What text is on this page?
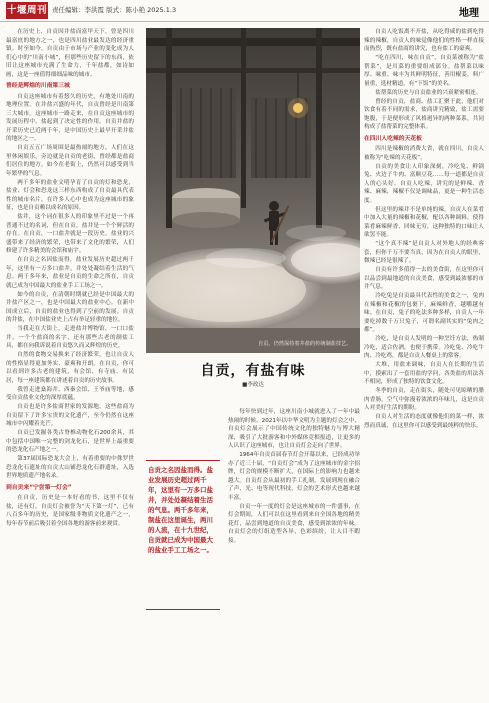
十堰周刊 责任编辑：李洪霞 版式：陈小艳 2025.1.3	地理

在历史上，自贡因井盐而富甲天下，曾是四川最富庶的地方之一，也是四川盐业最发达的经济重镇。时至如今，自贡由于市场与产业的变化成为人们心中的“川南小城”，但那些历史留下的东西，依旧让这座城市充满了生命力，千年盐都，如诗如画，这是一座值得细细品味的城市。

曾经是辉煌的川南第三城

自贡这座城市有着悠久的历史，有地处川南的地理位置。在井盐兴盛的年代，自贡曾经是川南第三大城市。这座城市一路走来，在自贡这座城市的发展历程中，盐起到了决定性的作用。自贡井盐的开采历史已近两千年，是中国历史上最早开采井盐的地区之一。

自贡五五广场周围是最热闹的地方，人们在这里休闲娱乐，旁边就是自贡的老街，曾经都是盐商们居住的地方，如今在老街上，仍然可以感受到当年繁华的气息。

两千多年的盐业文明孕育了自贡的灯和恐龙，盐业、灯会和恐龙这三样东西构成了自贡最具代表性的城市名片，在许多人心中也成为这座城市的象征，也是自贡赖以成名的原因。

盐井，这个词在很多人的印象里不过是一个再普通不过的名词，但在自贡，盐井是一个个鲜活的存在。在自贡，一口盐井就是一段历史。盐业的兴盛带来了经济的繁荣，也带来了文化的繁荣，人们修建了许多精美的会馆和庙宇。

在自贡之名因盐而得，盐业发展历史超过两千年，这里有一万多口盐井，并处处凝结着生活的气息。两千多年来，盐业是自贡的生命之所在，自贡就已成为中国最大的盐业手工工场之一。

如今的自贡，在清朝时期就已经是中国最大的井盐产区之一，也是中国最大的盐业中心。在新中国成立后，自贡的盐业也得到了空前的发展。自贡的井盐，在中国盐业史上占有举足轻重的地位。

当我走在大街上，走进盐井博物馆，一口口盐井，一个个盐商的名字，还有那些古老的制盐工具，都在向我诉说着自贡悠久而又辉煌的历史。

自然的食物交易换来了经济繁荣，也让自贡人的性格显得更加务实、豪爽和开朗。在自贡，你可以看到许多古老的建筑，有会馆、有寺庙、有民居，每一座建筑都在讲述着自贡的历史故事。

我曾走进燊海井、西秦会馆、王爷庙等地，感受自贡盐业文化的深厚底蕴。

自贡也是许多盐商世家的发源地，这些盐商为自贡留下了许多宝贵的文化遗产，至今仍然在这座城市中闪耀着光芒。

自贡已发掘各类古脊椎动物化石200余具，其中包括中国唯一完整的剑龙化石，是世界上最重要的恐龙化石产地之一。

第37届国际恐龙大会上，有着重要的中侏罗世恐龙化石遗址的自贡大山铺恐龙化石群遗址，入选世界地质遗产地名录。

到自贡来“宁尝第一灯会”

在自贡，历史是一本好看的书，这里不仅有盐，还有灯。自贡灯会被誉为“天下第一灯”，已有八百多年的历史，是国家级非物质文化遗产之一，每年春节前后吸引着全国各地的游客前来观赏。

自贡，仍然保持着井盐的传统制盐技艺。
自贡，有盐有味
■李政达
自贡之名因盐而得。盐业发展历史超过两千年，这里有一万多口盐井，并处处凝结着生活的气息。两千多年来，制盐在这里诞生，两川的人流，在十九世纪，自贡就已成为中国最大的盐业手工工场之一。

每年快到过年，这座川南小城就进入了一年中最热闹的时候。2021年以中华文明为主题的灯会之中，自贡灯会展示了中国传统文化的独特魅力与博大精深，吸引了大批游客和中外媒体竞相报道，让更多的人认识了这座城市，也让自贡灯会走向了世界。

1964年自贡首届春节灯会开幕以来，已经成功举办了近三十届，“自贡灯会”成为了这座城市的金字招牌，灯会的规模不断扩大，在国际上的影响力也越来越大。自贡灯会从最初的手工扎制，发展到现在融合了声、光、电等现代科技，灯会的艺术形式也越来越丰富。

自贡一年一度的灯会是这座城市的一件盛事，在灯会期间，人们可以在这里看到来自全国各地的精美花灯，品尝到地道的自贡美食，感受到浓浓的年味。自贡灯会的灯组造型各异，色彩缤纷，让人目不暇接。

自贡人吃饭离不开盐，从吃得咸的盐到吃得辣的辣椒，自贡人的味觉像他们的性格一样直接而热烈，既有盐商的讲究，也有盐工的豪爽。

“吃在四川，味在自贡”，自贡菜被称为“盐帮菜”，是川菜的重要组成部分。盐帮菜以味厚、味重、味丰为其鲜明特征，善用椒姜，料广量重，选材精道，有“下饭”的美名。

盐帮菜的历史与自贡盐业的兴衰紧密相连。

曾经的自贡，盐商、盐工汇聚于此，他们对饮食有着不同的需求，盐商讲究精致，盐工需要饱腹，于是便形成了风格迥异的两种菜系，共同构成了盐帮菜的完整体系。

在四川人吃辣的天花板

四川是辣椒的消费大省，就在四川，自贡人被称为“吃辣的天花板”。

自贡的美食让人印象深刻，冷吃兔、鲜锅兔、火边子牛肉、富顺豆花……每一道都是自贡人的心头好。自贡人吃辣，讲究的是鲜辣、香辣、麻辣，辣椒不仅是调味品，更是一种生活态度。

但这里的辣并不是单纯的辣，自贡人在菜肴中加入大量的辣椒和花椒，配以各种调料，使得菜肴麻辣鲜香、回味无穷，这种独特的口味让人欲罢不能。

“这个真不辣”是自贡人对外地人的经典客套，但你千万不要当真，因为在自贡人的眼里，微辣已经是很辣了。

自贡有许多值得一去的美食街，在这里你可以品尝到最地道的自贡美食，感受到最浓郁的市井气息。

冷吃兔是自贡最具代表性的美食之一，兔肉在辣椒和花椒的包裹下，麻辣鲜香，越嚼越有味。在自贡，兔子的吃法多种多样，自贡人一年要吃掉数千万只兔子，可谓名副其实的“兔肉之都”。

冷吃，是自贡人发明的一种烹饪方法，热制冷吃，适合佐酒，也便于携带。冷吃兔、冷吃牛肉、冷吃鸡，都是自贡人餐桌上的常客。

大堆，用盐来调味，自贡人在长期的生活中，摸索出了一套用盐的学问，各类盐的用法各不相同，形成了独特的饮食文化。

冬季的自贡，走在街头，随处可见晾晒的腊肉香肠，空气中弥漫着浓浓的年味儿，这是自贡人对美好生活的期盼。

自贡人对生活的态度就像他们的菜一样，浓烈而真诚，在这里你可以感受到最纯粹的快乐。
